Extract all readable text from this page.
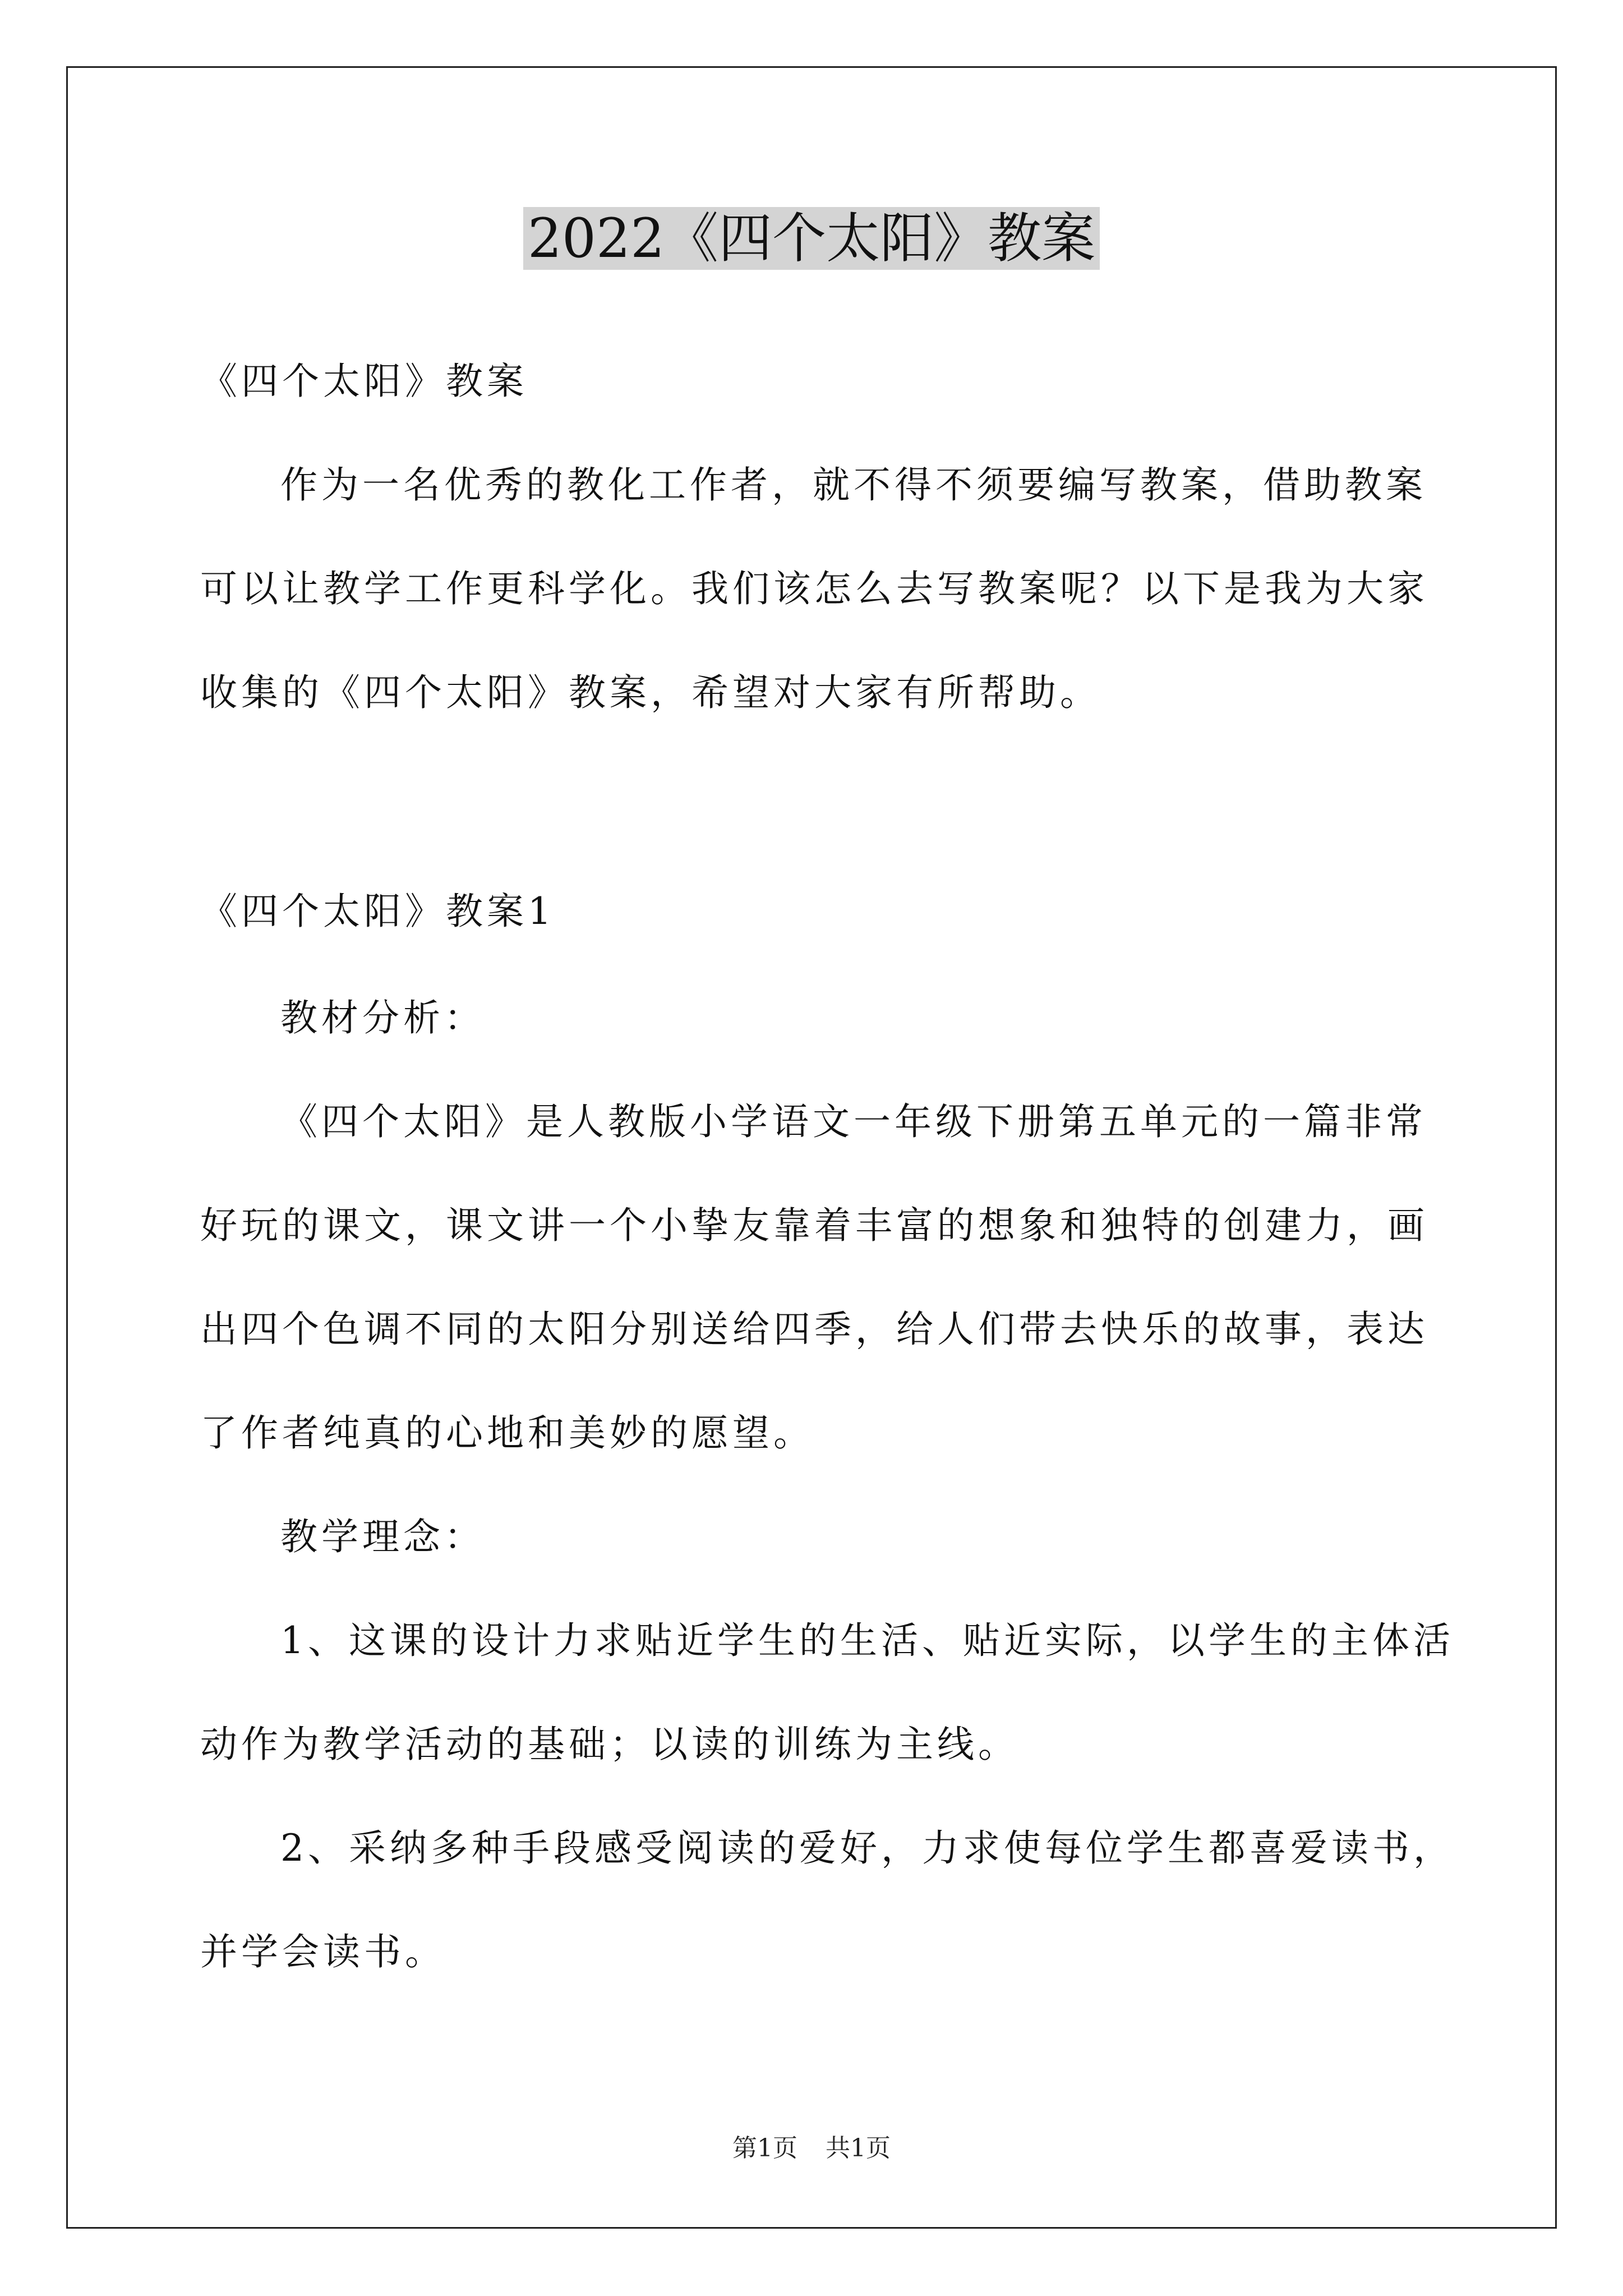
2022《四个太阳》教案
《四个太阳》教案
作为一名优秀的教化工作者，就不得不须要编写教案，借助教案
可以让教学工作更科学化。我们该怎么去写教案呢？以下是我为大家
收集的《四个太阳》教案，希望对大家有所帮助。
《四个太阳》教案1
教材分析：
《四个太阳》是人教版小学语文一年级下册第五单元的一篇非常
好玩的课文，课文讲一个小挚友靠着丰富的想象和独特的创建力，画
出四个色调不同的太阳分别送给四季，给人们带去快乐的故事，表达
了作者纯真的心地和美妙的愿望。
教学理念：
1、这课的设计力求贴近学生的生活、贴近实际，以学生的主体活
动作为教学活动的基础；以读的训练为主线。
2、采纳多种手段感受阅读的爱好，力求使每位学生都喜爱读书，
并学会读书。
第1页 共1页
